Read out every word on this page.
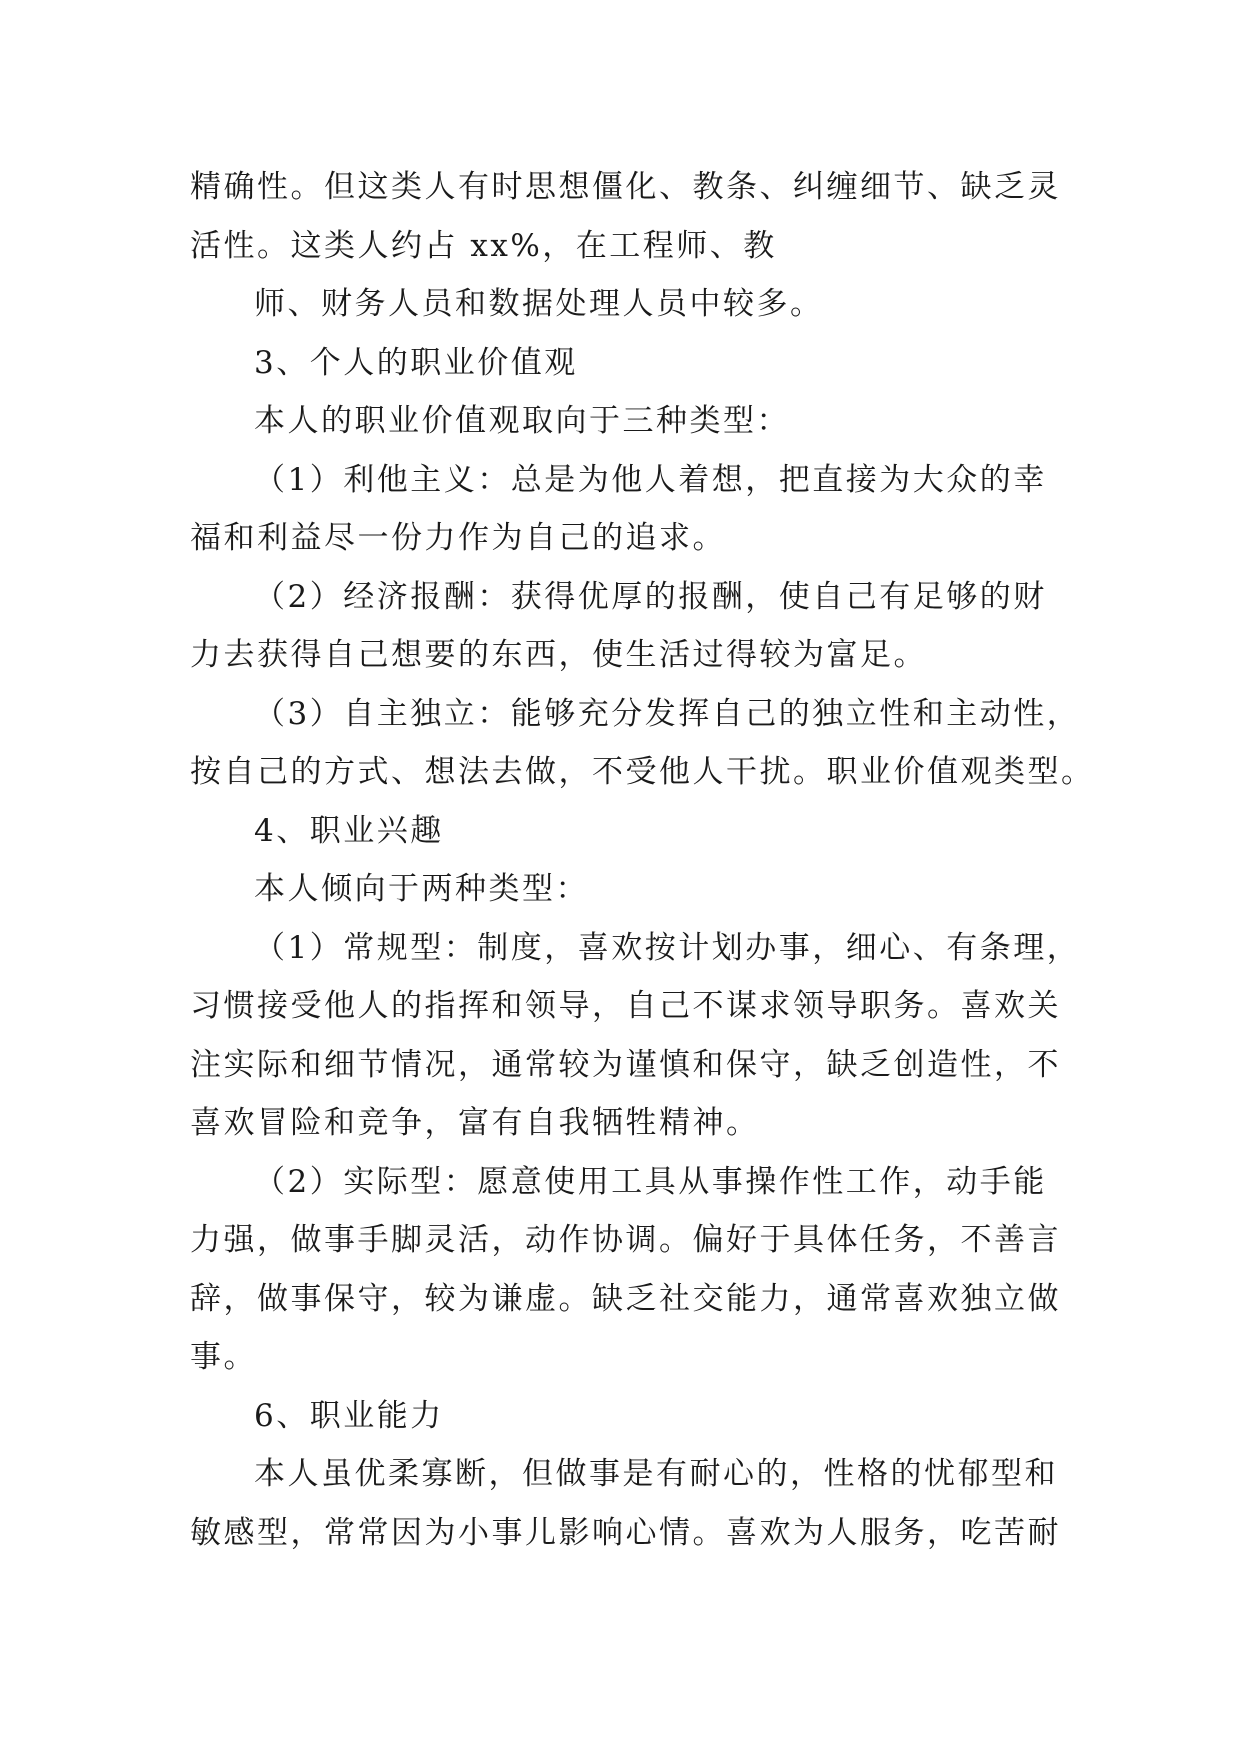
精确性。但这类人有时思想僵化、教条、纠缠细节、缺乏灵

活性。这类人约占 xx%，在工程师、教

师、财务人员和数据处理人员中较多。

3、个人的职业价值观

本人的职业价值观取向于三种类型：

（1）利他主义：总是为他人着想，把直接为大众的幸

福和利益尽一份力作为自己的追求。

（2）经济报酬：获得优厚的报酬，使自己有足够的财

力去获得自己想要的东西，使生活过得较为富足。

（3）自主独立：能够充分发挥自己的独立性和主动性，

按自己的方式、想法去做，不受他人干扰。职业价值观类型。

4、职业兴趣

本人倾向于两种类型：

（1）常规型：制度，喜欢按计划办事，细心、有条理，

习惯接受他人的指挥和领导，自己不谋求领导职务。喜欢关

注实际和细节情况，通常较为谨慎和保守，缺乏创造性，不

喜欢冒险和竞争，富有自我牺牲精神。

（2）实际型：愿意使用工具从事操作性工作，动手能

力强，做事手脚灵活，动作协调。偏好于具体任务，不善言

辞，做事保守，较为谦虚。缺乏社交能力，通常喜欢独立做

事。

6、职业能力

本人虽优柔寡断，但做事是有耐心的，性格的忧郁型和

敏感型，常常因为小事儿影响心情。喜欢为人服务，吃苦耐
